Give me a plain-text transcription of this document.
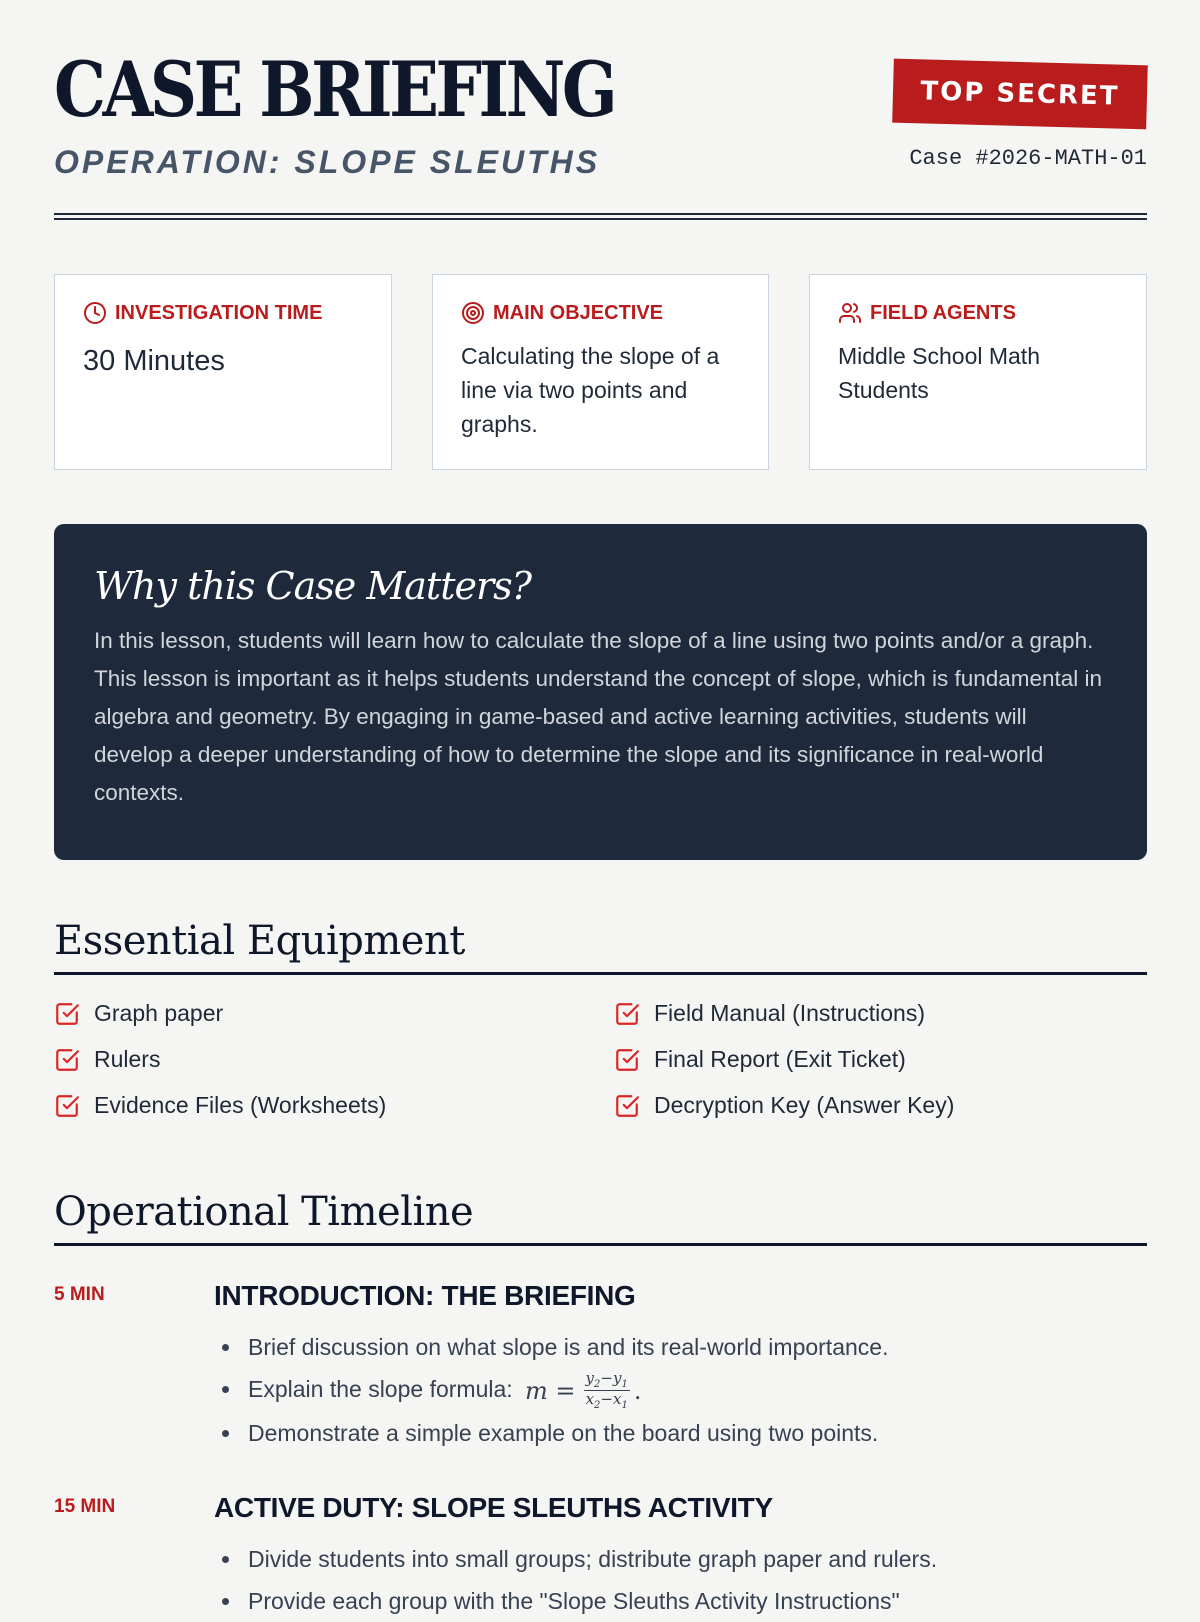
CASE BRIEFING
OPERATION: SLOPE SLEUTHS
TOP SECRET
Case #2026-MATH-01
INVESTIGATION TIME
30 Minutes
MAIN OBJECTIVE
Calculating the slope of a line via two points and graphs.
FIELD AGENTS
Middle School Math Students
Why this Case Matters?
In this lesson, students will learn how to calculate the slope of a line using two points and/or a graph. This lesson is important as it helps students understand the concept of slope, which is fundamental in algebra and geometry. By engaging in game-based and active learning activities, students will develop a deeper understanding of how to determine the slope and its significance in real-world contexts.
Essential Equipment
Graph paper
Rulers
Evidence Files (Worksheets)
Field Manual (Instructions)
Final Report (Exit Ticket)
Decryption Key (Answer Key)
Operational Timeline
5 MIN	INTRODUCTION: THE BRIEFING
Brief discussion on what slope is and its real-world importance.
Explain the slope formula: $m = \frac{y_2-y_1}{x_2-x_1}$ .
Demonstrate a simple example on the board using two points.
15 MIN	ACTIVE DUTY: SLOPE SLEUTHS ACTIVITY
Divide students into small groups; distribute graph paper and rulers.
Provide each group with the "Slope Sleuths Activity Instructions"
